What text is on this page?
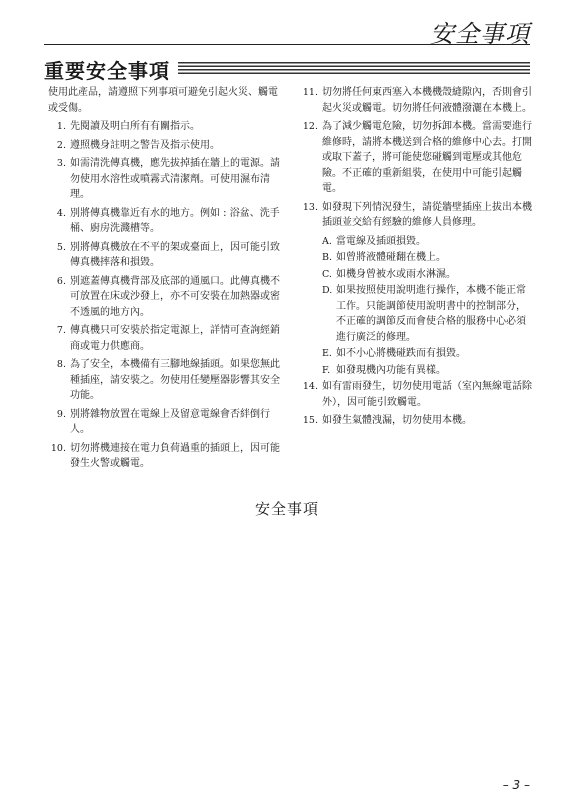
安全事項
重要安全事項

使用此產品，請遵照下列事項可避免引起火災、觸電或受傷。

1. 先閱讀及明白所有有關指示。
2. 遵照機身註明之警告及指示使用。
3. 如需清洗傳真機，應先拔掉插在牆上的電源。請勿使用水溶性或噴霧式清潔劑。可使用濕布清理。
4. 別將傳真機靠近有水的地方。例如 : 浴盆、洗手桶、廚房洗濺槽等。
5. 別將傳真機放在不平的架或臺面上，因可能引致傳真機摔落和損毀。
6. 別遮蓋傳真機背部及底部的通風口。此傳真機不可放置在床或沙發上，亦不可安裝在加熱器或密不透風的地方內。
7. 傳真機只可安裝於指定電源上，詳情可查詢經銷商或電力供應商。
8. 為了安全，本機備有三腳地線插頭。如果您無此種插座，請安裝之。勿使用任變壓器影響其安全功能。
9. 別將雜物放置在電線上及留意電線會否絆倒行人。
10. 切勿將機連接在電力負荷過重的插頭上，因可能發生火警或觸電。
11. 切勿將任何東西塞入本機機殼縫隙內，否則會引起火災或觸電。切勿將任何液體潑灑在本機上。
12. 為了減少觸電危險，切勿拆卸本機。當需要進行維修時，請將本機送到合格的維修中心去。打開或取下蓋子，將可能使您碰觸到電壓或其他危險。不正確的重新組裝，在使用中可能引起觸電。
13. 如發現下列情況發生，請從牆壁插座上拔出本機插頭並交給有經驗的維修人員修理。
A. 當電線及插頭損毀。
B. 如曾將液體碰翻在機上。
C. 如機身曾被水或雨水淋濕。
D. 如果按照使用說明進行操作，本機不能正常工作。只能調節使用說明書中的控制部分，不正確的調節反而會使合格的服務中心必須進行廣泛的修理。
E. 如不小心將機碰跌而有損毀。
F. 如發現機內功能有異樣。
14. 如有雷雨發生，切勿使用電話（室內無線電話除外），因可能引致觸電。
15. 如發生氣體洩漏，切勿使用本機。
安全事項
– 3 –
